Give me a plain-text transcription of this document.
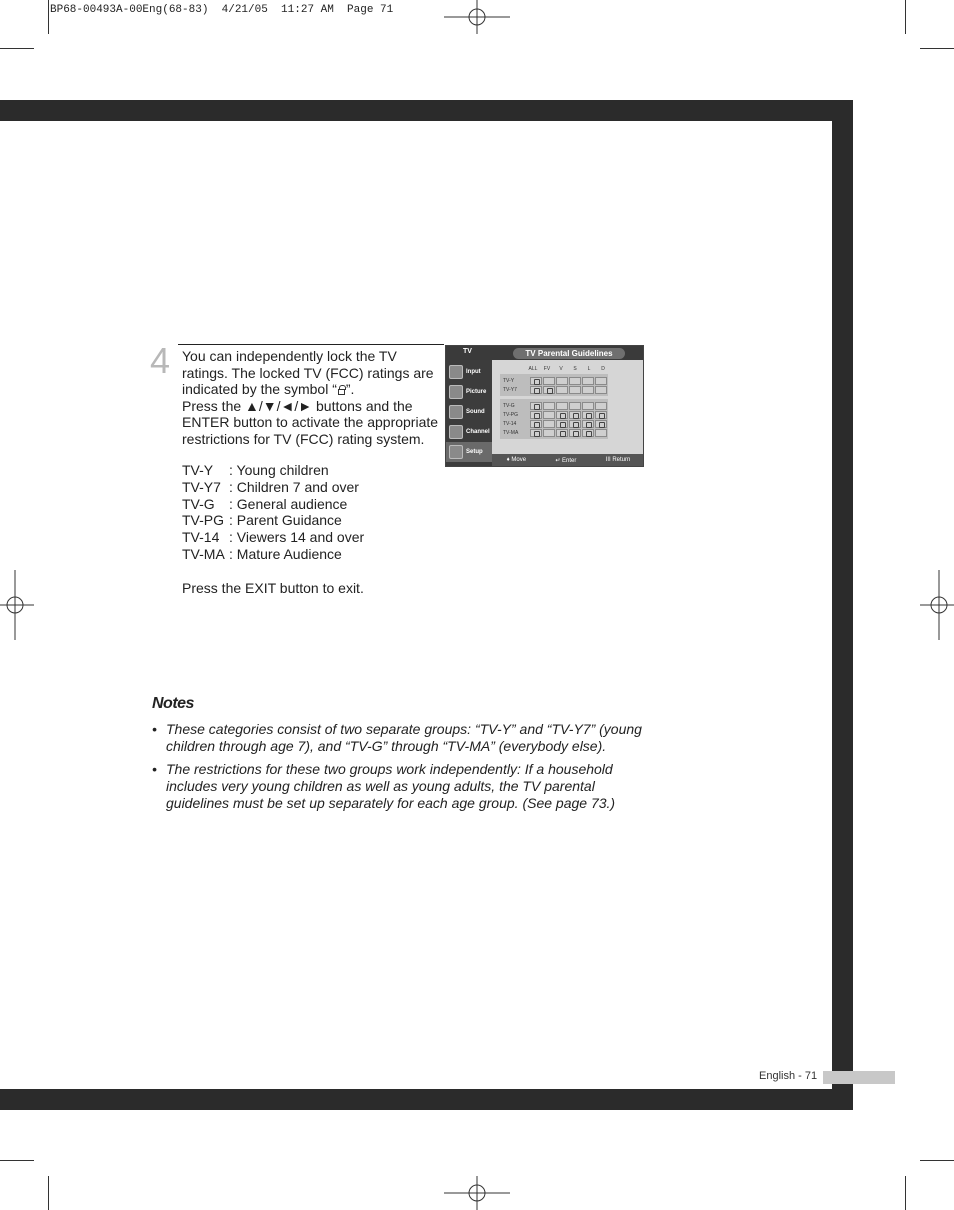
BP68-00493A-00Eng(68-83)  4/21/05  11:27 AM  Page 71
4 You can independently lock the TV ratings. The locked TV (FCC) ratings are indicated by the symbol “ ”.

Press the ▲/▼/◄/► buttons and the ENTER button to activate the appropriate restrictions for TV (FCC) rating system.

TV-Y	: Young children
TV-Y7 : Children 7 and over
TV-G	: General audience
TV-PG : Parent Guidance
TV-14 : Viewers 14 and over
TV-MA : Mature Audience
Press the EXIT button to exit.
TV	TV Parental Guidelines
Input
Picture
Sound
Channel
Setup
ALL FV V S L D
TV-Y
TV-Y7
TV-G
TV-PG
TV-14
TV-MA
♦ Move	↵ Enter	III Return
Notes
• These categories consist of two separate groups: “TV-Y” and “TV-Y7” (young children through age 7), and “TV-G” through “TV-MA” (everybody else).
• The restrictions for these two groups work independently: If a household includes very young children as well as young adults, the TV parental guidelines must be set up separately for each age group. (See page 73.)
English - 71
